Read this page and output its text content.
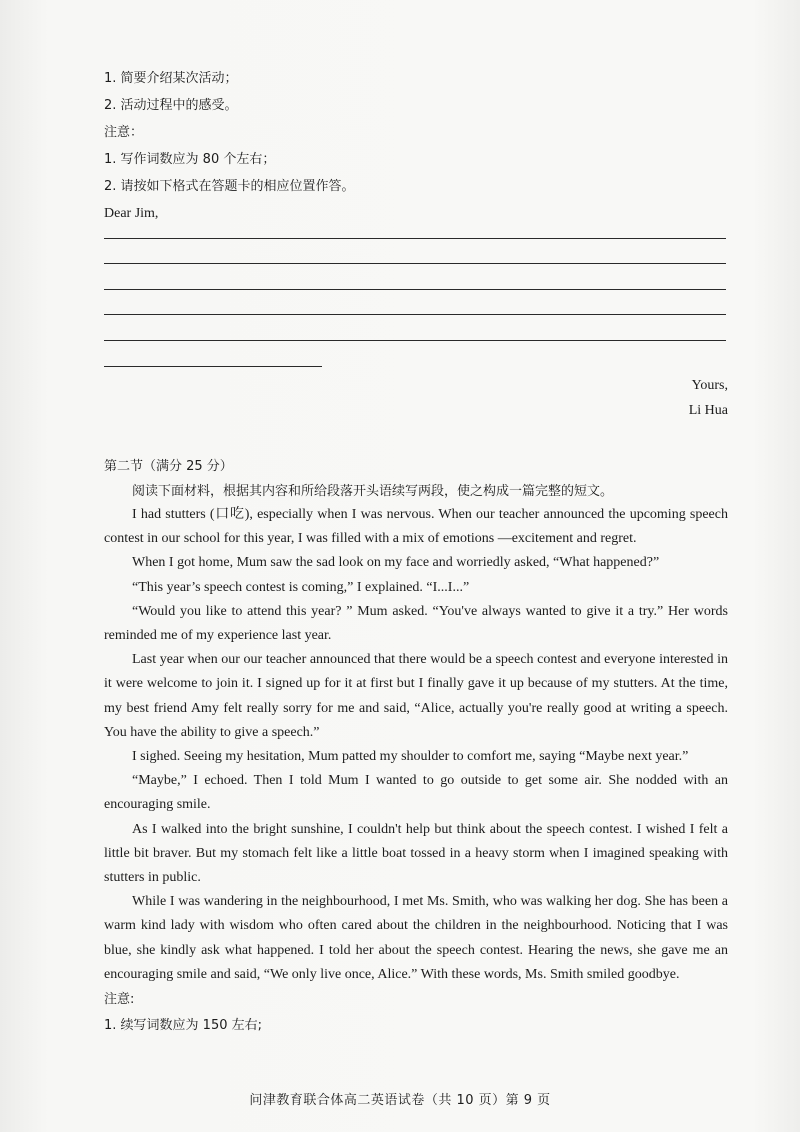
1. 简要介绍某次活动；
2. 活动过程中的感受。
注意：
1. 写作词数应为 80 个左右；
2. 请按如下格式在答题卡的相应位置作答。
Dear Jim,
Yours,
Li Hua
第二节（满分 25 分）
阅读下面材料，根据其内容和所给段落开头语续写两段，使之构成一篇完整的短文。
I had stutters (口吃), especially when I was nervous. When our teacher announced the upcoming speech contest in our school for this year, I was filled with a mix of emotions —excitement and regret.
When I got home, Mum saw the sad look on my face and worriedly asked, “What happened?”
“This year’s speech contest is coming,” I explained. “I...I...”
“Would you like to attend this year? ” Mum asked. “You've always wanted to give it a try.” Her words reminded me of my experience last year.
Last year when our our teacher announced that there would be a speech contest and everyone interested in it were welcome to join it. I signed up for it at first but I finally gave it up because of my stutters. At the time, my best friend Amy felt really sorry for me and said, “Alice, actually you're really good at writing a speech. You have the ability to give a speech.”
I sighed. Seeing my hesitation, Mum patted my shoulder to comfort me, saying “Maybe next year.”
“Maybe,” I echoed. Then I told Mum I wanted to go outside to get some air. She nodded with an encouraging smile.
As I walked into the bright sunshine, I couldn't help but think about the speech contest. I wished I felt a little bit braver. But my stomach felt like a little boat tossed in a heavy storm when I imagined speaking with stutters in public.
While I was wandering in the neighbourhood, I met Ms. Smith, who was walking her dog. She has been a warm kind lady with wisdom who often cared about the children in the neighbourhood. Noticing that I was blue, she kindly ask what happened. I told her about the speech contest. Hearing the news, she gave me an encouraging smile and said, “We only live once, Alice.” With these words, Ms. Smith smiled goodbye.
注意:
1. 续写词数应为 150 左右;
问津教育联合体高二英语试卷（共 10 页）第 9 页
